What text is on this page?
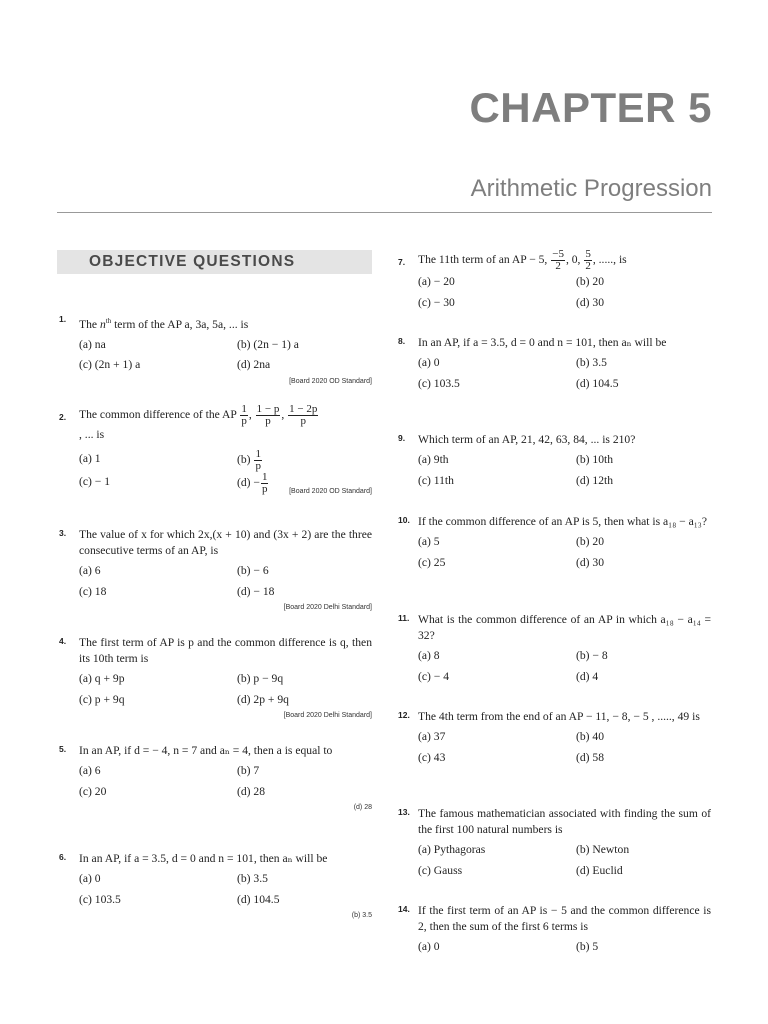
CHAPTER 5
Arithmetic Progression
OBJECTIVE QUESTIONS
1. The $n^{th}$ term of the AP a, 3a, 5a, ... is
(a) na	(b) (2n − 1) a
(c) (2n + 1) a	(d) 2na
[Board 2020 OD Standard]
2. The common difference of the AP $\frac{1}{p}$ , $\frac{1 - p}{p}$ , $\frac{1 - 2p}{p}$

, ... is
(a) 1	$(b) \frac{1}{p}$
(c) − 1	$(d) - \frac{1}{p}$	[Board 2020 OD Standard]
3. The value of x for which 2x,(x + 10) and (3x + 2) are the three consecutive terms of an AP, is
(a) 6	(b) − 6
(c) 18	(d) − 18
[Board 2020 Delhi Standard]
4. The first term of AP is p and the common difference is q, then its 10th term is
(a) q + 9p	(b) p − 9q
(c) p + 9q	(d) 2p + 9q
[Board 2020 Delhi Standard]
5. In an AP, if d = − 4, n = 7 and aₙ = 4, then a is equal to
(a) 6	(b) 7
(c) 20	(d) 28
(d) 28
6. In an AP, if a = 3.5, d = 0 and n = 101, then aₙ will be
(a) 0	(b) 3.5
(c) 103.5	(d) 104.5
(b) 3.5
7. The 11th term of an AP − 5, $\frac{-5}{2}$ , 0, $\frac{5}{2}$ , ....., is
(a) − 20	(b) 20
(c) − 30	(d) 30
8. In an AP, if a = 3.5, d = 0 and n = 101, then aₙ will be
(a) 0	(b) 3.5
(c) 103.5	(d) 104.5
9. Which term of an AP, 21, 42, 63, 84, ... is 210?
(a) 9th	(b) 10th
(c) 11th	(d) 12th
10. If the common difference of an AP is 5, then what is a₁₈ − a₁₃?
(a) 5	(b) 20
(c) 25	(d) 30
11. What is the common difference of an AP in which a₁₈ − a₁₄ = 32?
(a) 8	(b) − 8
(c) − 4	(d) 4
12. The 4th term from the end of an AP − 11, − 8, − 5 , ....., 49 is
(a) 37	(b) 40
(c) 43	(d) 58
13. The famous mathematician associated with finding the sum of the first 100 natural numbers is
(a) Pythagoras	(b) Newton
(c) Gauss	(d) Euclid
14. If the first term of an AP is − 5 and the common difference is 2, then the sum of the first 6 terms is
(a) 0	(b) 5
